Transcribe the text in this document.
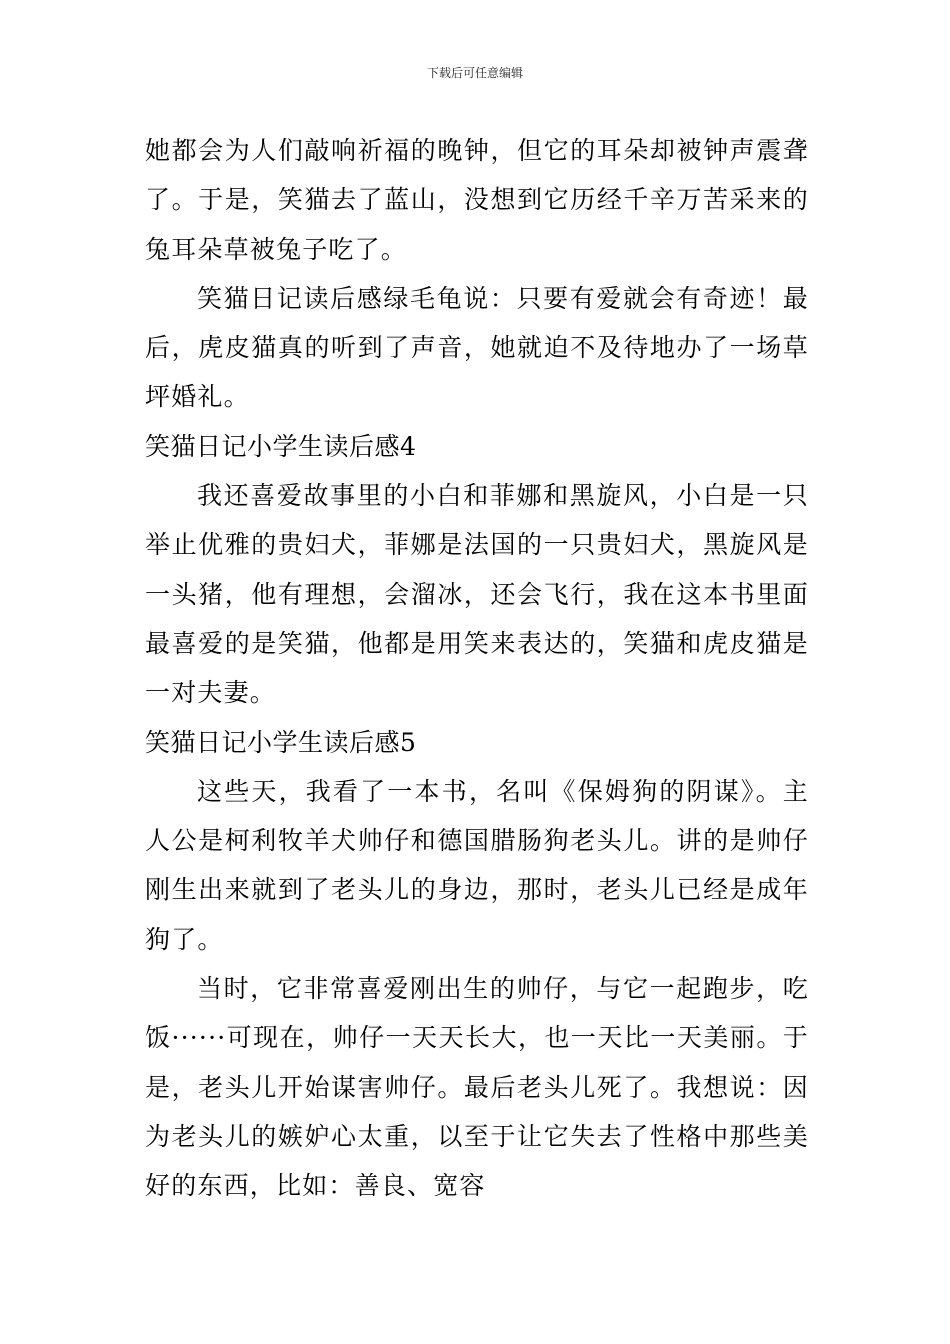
下载后可任意编辑

她都会为人们敲响祈福的晚钟，但它的耳朵却被钟声震聋了。于是，笑猫去了蓝山，没想到它历经千辛万苦采来的兔耳朵草被兔子吃了。

笑猫日记读后感绿毛龟说：只要有爱就会有奇迹！最后，虎皮猫真的听到了声音，她就迫不及待地办了一场草坪婚礼。

笑猫日记小学生读后感4

我还喜爱故事里的小白和菲娜和黑旋风，小白是一只举止优雅的贵妇犬，菲娜是法国的一只贵妇犬，黑旋风是一头猪，他有理想，会溜冰，还会飞行，我在这本书里面最喜爱的是笑猫，他都是用笑来表达的，笑猫和虎皮猫是一对夫妻。

笑猫日记小学生读后感5

这些天，我看了一本书，名叫《保姆狗的阴谋》。主人公是柯利牧羊犬帅仔和德国腊肠狗老头儿。讲的是帅仔刚生出来就到了老头儿的身边，那时，老头儿已经是成年狗了。

当时，它非常喜爱刚出生的帅仔，与它一起跑步，吃饭······可现在，帅仔一天天长大，也一天比一天美丽。于是，老头儿开始谋害帅仔。最后老头儿死了。我想说：因为老头儿的嫉妒心太重，以至于让它失去了性格中那些美好的东西，比如：善良、宽容
